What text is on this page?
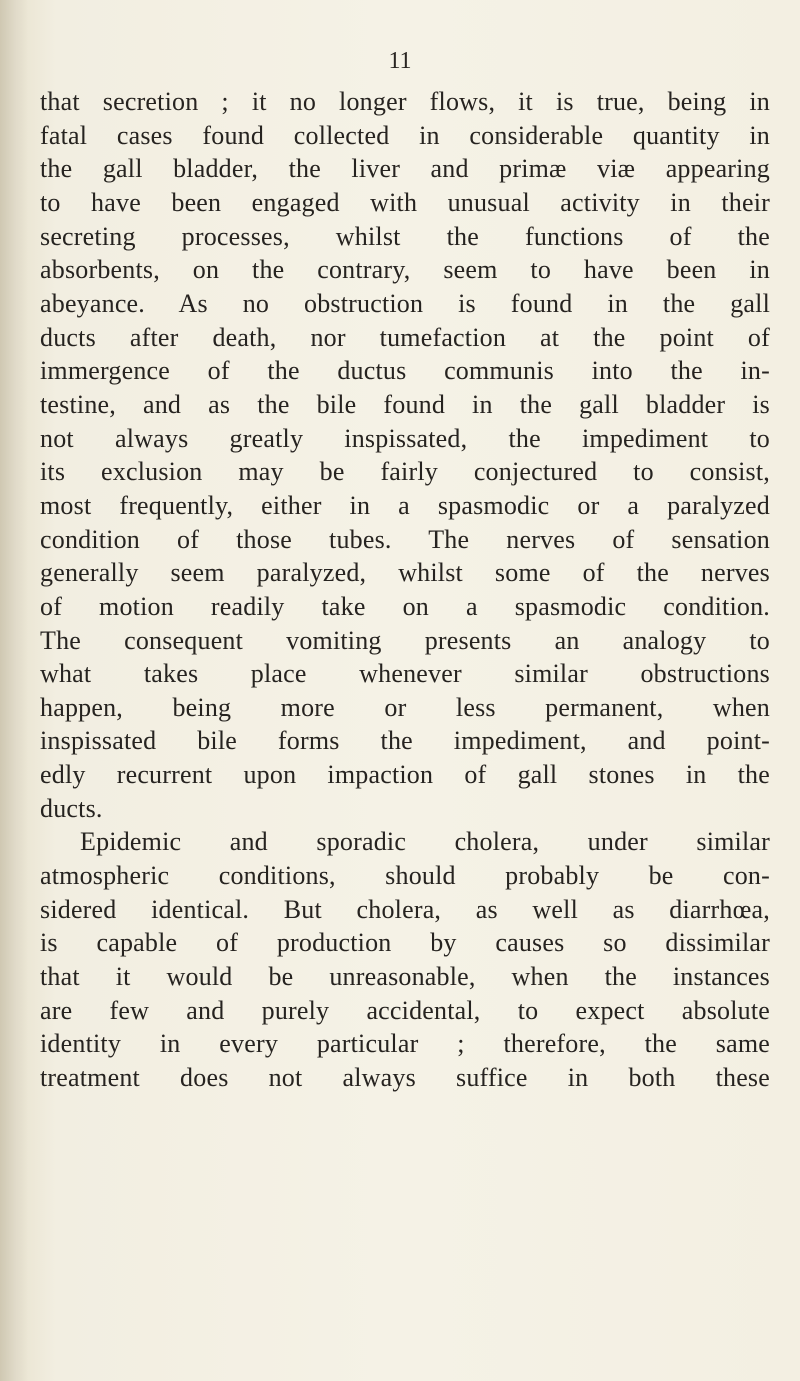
11
that secretion ; it no longer flows, it is true, being in
fatal cases found collected in considerable quantity in
the gall bladder, the liver and primæ viæ appearing
to have been engaged with unusual activity in their
secreting processes, whilst the functions of the
absorbents, on the contrary, seem to have been in
abeyance. As no obstruction is found in the gall
ducts after death, nor tumefaction at the point of
immergence of the ductus communis into the in-
testine, and as the bile found in the gall bladder is
not always greatly inspissated, the impediment to
its exclusion may be fairly conjectured to consist,
most frequently, either in a spasmodic or a paralyzed
condition of those tubes. The nerves of sensation
generally seem paralyzed, whilst some of the nerves
of motion readily take on a spasmodic condition.
The consequent vomiting presents an analogy to
what takes place whenever similar obstructions
happen, being more or less permanent, when
inspissated bile forms the impediment, and point-
edly recurrent upon impaction of gall stones in the
ducts.
Epidemic and sporadic cholera, under similar
atmospheric conditions, should probably be con-
sidered identical. But cholera, as well as diarrhœa,
is capable of production by causes so dissimilar
that it would be unreasonable, when the instances
are few and purely accidental, to expect absolute
identity in every particular ; therefore, the same
treatment does not always suffice in both these
